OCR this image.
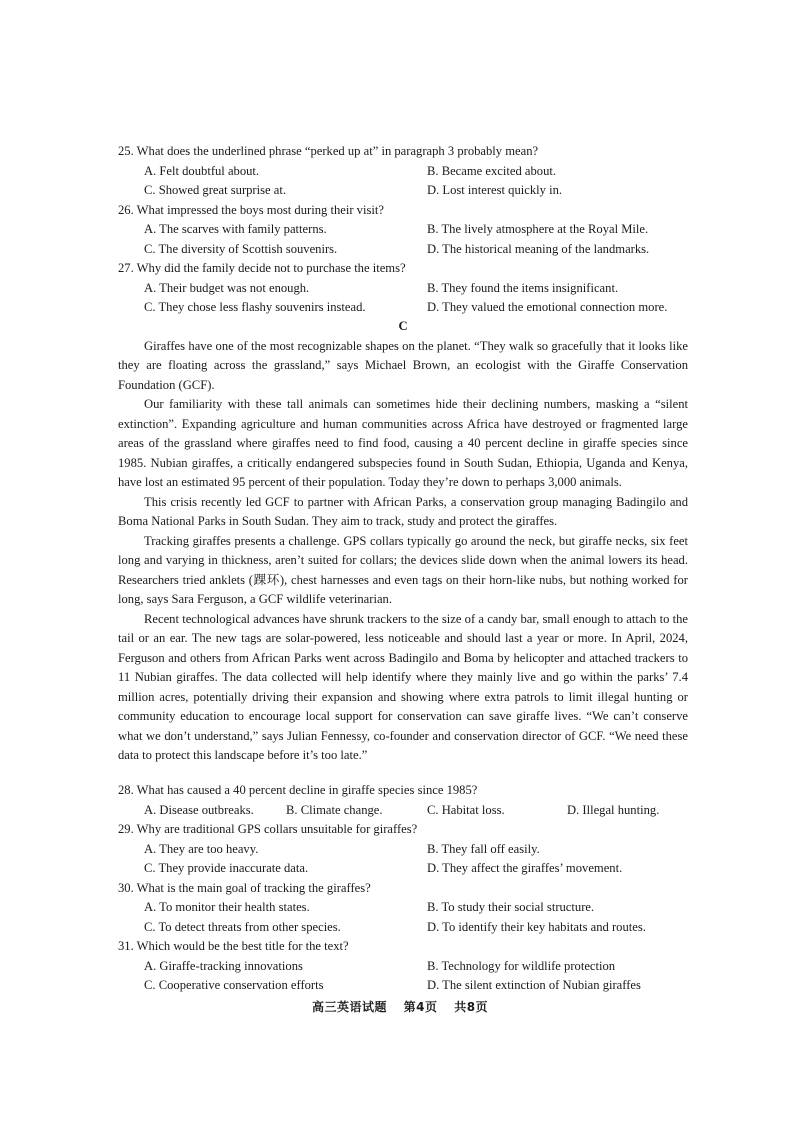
25. What does the underlined phrase “perked up at” in paragraph 3 probably mean?

A. Felt doubtful about.	B. Became excited about.
C. Showed great surprise at.	D. Lost interest quickly in.

26. What impressed the boys most during their visit?

A. The scarves with family patterns.	B. The lively atmosphere at the Royal Mile.
C. The diversity of Scottish souvenirs.	D. The historical meaning of the landmarks.

27. Why did the family decide not to purchase the items?

A. Their budget was not enough.	B. They found the items insignificant.
C. They chose less flashy souvenirs instead.	D. They valued the emotional connection more.
C

Giraffes have one of the most recognizable shapes on the planet. “They walk so gracefully that it looks like they are floating across the grassland,” says Michael Brown, an ecologist with the Giraffe Conservation Foundation (GCF).

Our familiarity with these tall animals can sometimes hide their declining numbers, masking a “silent extinction”. Expanding agriculture and human communities across Africa have destroyed or fragmented large areas of the grassland where giraffes need to find food, causing a 40 percent decline in giraffe species since 1985. Nubian giraffes, a critically endangered subspecies found in South Sudan, Ethiopia, Uganda and Kenya, have lost an estimated 95 percent of their population. Today they’re down to perhaps 3,000 animals.

This crisis recently led GCF to partner with African Parks, a conservation group managing Badingilo and Boma National Parks in South Sudan. They aim to track, study and protect the giraffes.

Tracking giraffes presents a challenge. GPS collars typically go around the neck, but giraffe necks, six feet long and varying in thickness, aren’t suited for collars; the devices slide down when the animal lowers its head. Researchers tried anklets (踝环), chest harnesses and even tags on their horn-like nubs, but nothing worked for long, says Sara Ferguson, a GCF wildlife veterinarian.

Recent technological advances have shrunk trackers to the size of a candy bar, small enough to attach to the tail or an ear. The new tags are solar-powered, less noticeable and should last a year or more. In April, 2024, Ferguson and others from African Parks went across Badingilo and Boma by helicopter and attached trackers to 11 Nubian giraffes. The data collected will help identify where they mainly live and go within the parks’ 7.4 million acres, potentially driving their expansion and showing where extra patrols to limit illegal hunting or community education to encourage local support for conservation can save giraffe lives. “We can’t conserve what we don’t understand,” says Julian Fennessy, co-founder and conservation director of GCF. “We need these data to protect this landscape before it’s too late.”

28. What has caused a 40 percent decline in giraffe species since 1985?

A. Disease outbreaks.	B. Climate change.	C. Habitat loss.	D. Illegal hunting.

29. Why are traditional GPS collars unsuitable for giraffes?

A. They are too heavy.	B. They fall off easily.
C. They provide inaccurate data.	D. They affect the giraffes’ movement.

30. What is the main goal of tracking the giraffes?

A. To monitor their health states.	B. To study their social structure.
C. To detect threats from other species.	D. To identify their key habitats and routes.

31. Which would be the best title for the text?

A. Giraffe-tracking innovations	B. Technology for wildlife protection
C. Cooperative conservation efforts	D. The silent extinction of Nubian giraffes
高三英语试题 第4页 共8页
